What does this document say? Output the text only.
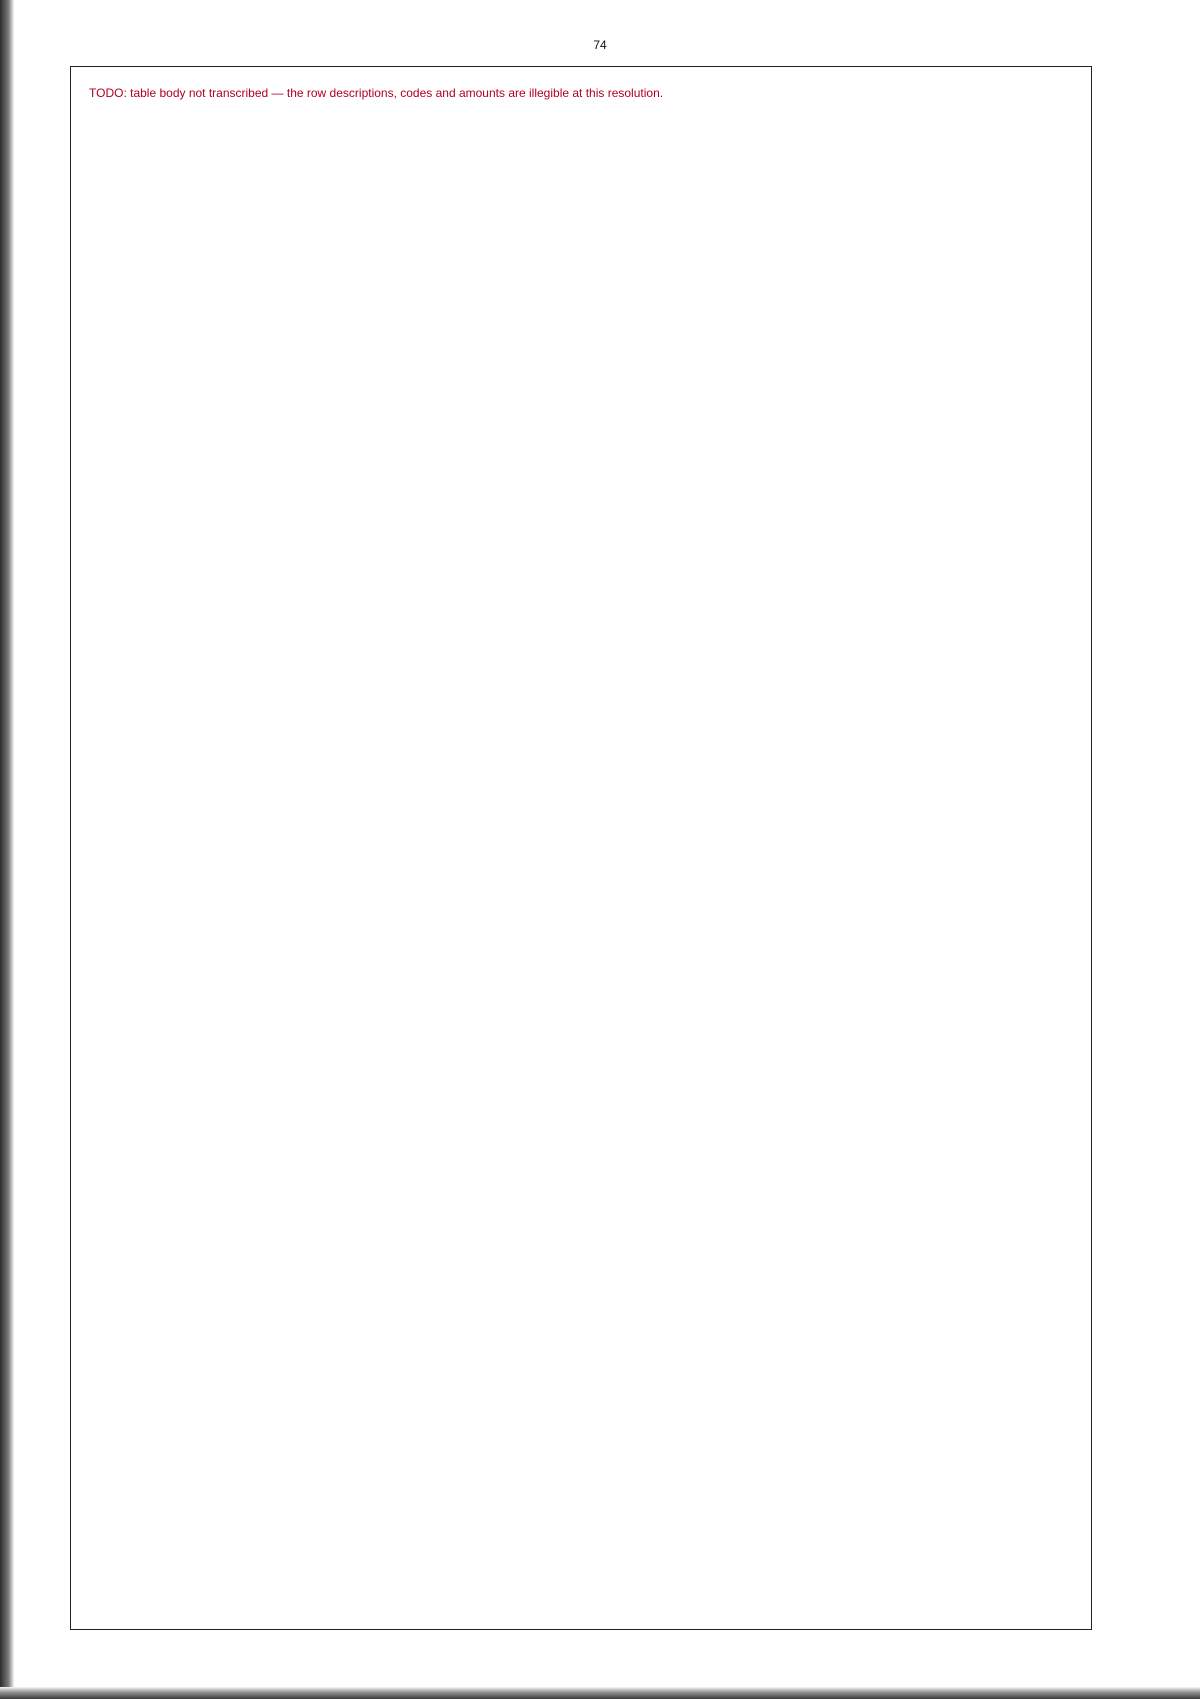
74
TODO: table body not transcribed — the row descriptions, codes and amounts are illegible at this resolution.
